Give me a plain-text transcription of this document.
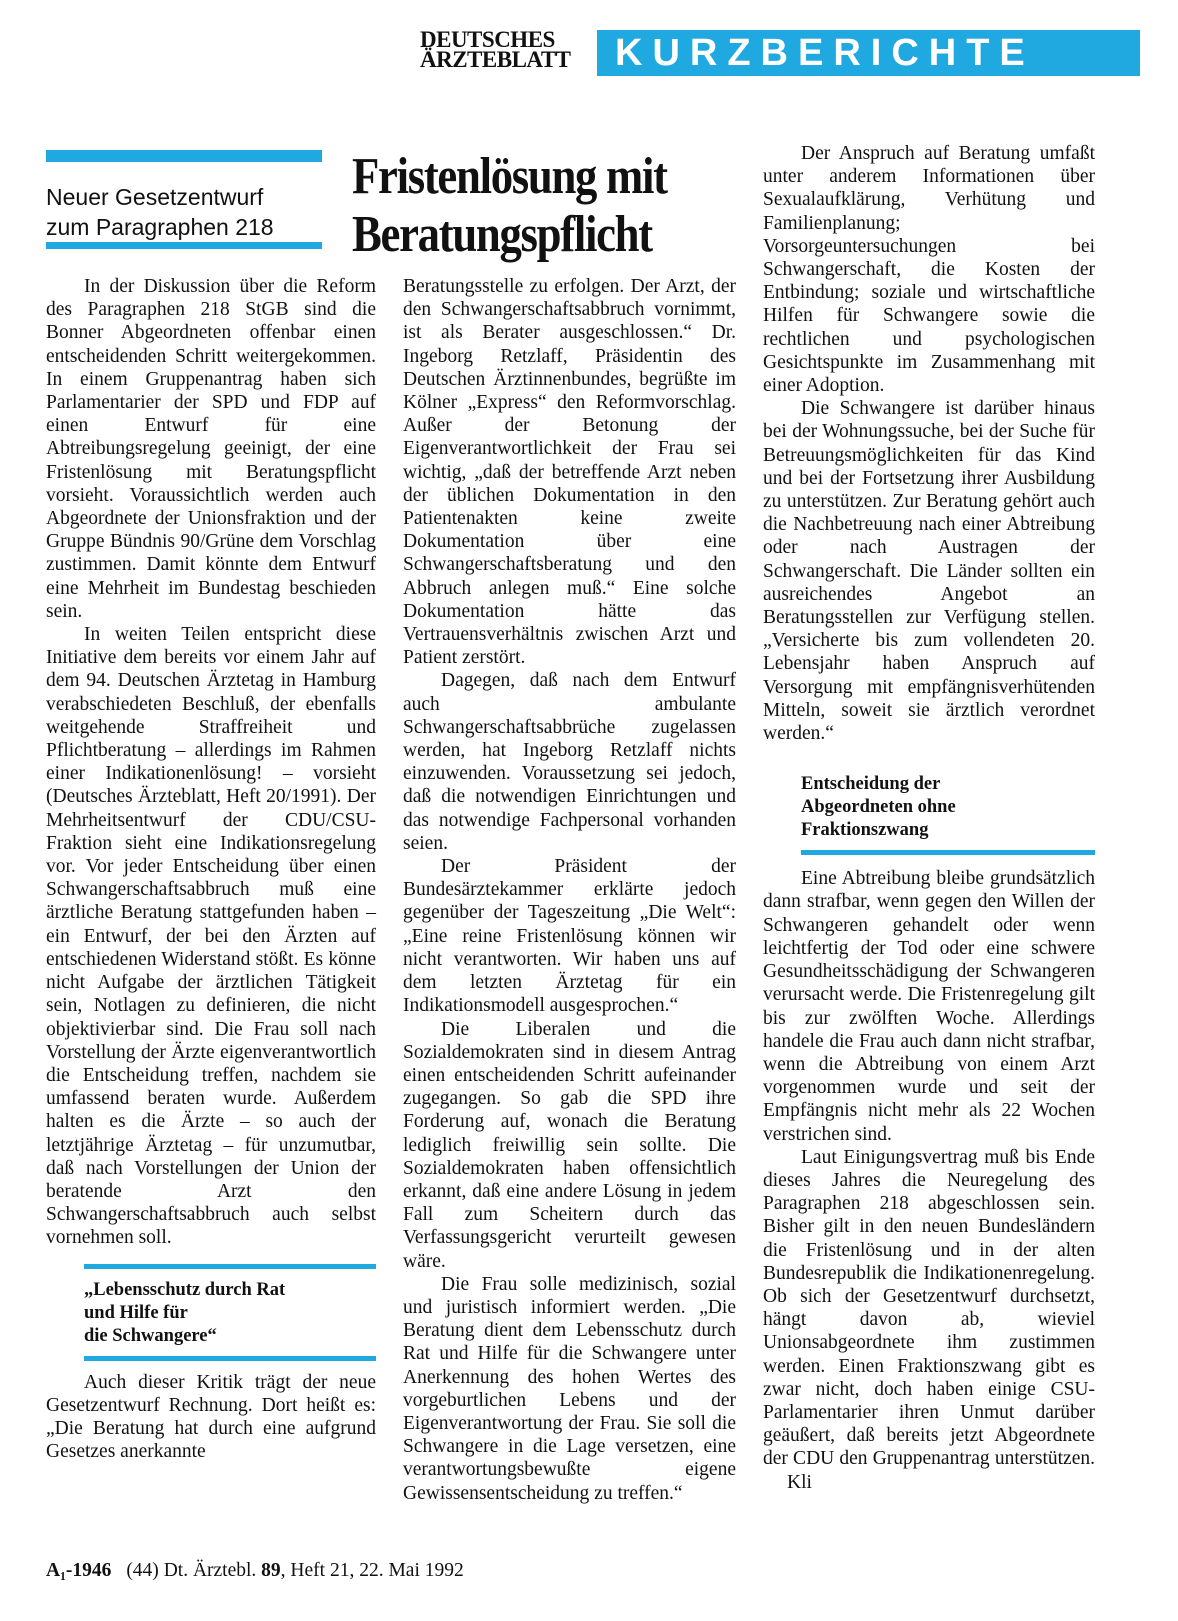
DEUTSCHES
ÄRZTEBLATT	KURZBERICHTE
Neuer Gesetzentwurf
zum Paragraphen 218
Fristenlösung mit
Beratungspflicht

In der Diskussion über die Reform des Paragraphen 218 StGB sind die Bonner Abgeordneten offenbar einen entscheidenden Schritt weitergekommen. In einem Gruppenantrag haben sich Parlamentarier der SPD und FDP auf einen Entwurf für eine Abtreibungsregelung geeinigt, der eine Fristenlösung mit Beratungspflicht vorsieht. Voraussichtlich werden auch Abgeordnete der Unionsfraktion und der Gruppe Bündnis 90/Grüne dem Vorschlag zustimmen. Damit könnte dem Entwurf eine Mehrheit im Bundestag beschieden sein.

In weiten Teilen entspricht diese Initiative dem bereits vor einem Jahr auf dem 94. Deutschen Ärztetag in Hamburg verabschiedeten Beschluß, der ebenfalls weitgehende Straffreiheit und Pflichtberatung – allerdings im Rahmen einer Indikationenlösung! – vorsieht (Deutsches Ärzteblatt, Heft 20/1991). Der Mehrheitsentwurf der CDU/CSU-Fraktion sieht eine Indikationsregelung vor. Vor jeder Entscheidung über einen Schwangerschaftsabbruch muß eine ärztliche Beratung stattgefunden haben – ein Entwurf, der bei den Ärzten auf entschiedenen Widerstand stößt. Es könne nicht Aufgabe der ärztlichen Tätigkeit sein, Notlagen zu definieren, die nicht objektivierbar sind. Die Frau soll nach Vorstellung der Ärzte eigenverantwortlich die Entscheidung treffen, nachdem sie umfassend beraten wurde. Außerdem halten es die Ärzte – so auch der letztjährige Ärztetag – für unzumutbar, daß nach Vorstellungen der Union der beratende Arzt den Schwangerschaftsabbruch auch selbst vornehmen soll.

„Lebensschutz durch Rat
und Hilfe für
die Schwangere“

Auch dieser Kritik trägt der neue Gesetzentwurf Rechnung. Dort heißt es: „Die Beratung hat durch eine aufgrund Gesetzes anerkannte

Beratungsstelle zu erfolgen. Der Arzt, der den Schwangerschaftsabbruch vornimmt, ist als Berater ausgeschlossen.“ Dr. Ingeborg Retzlaff, Präsidentin des Deutschen Ärztinnenbundes, begrüßte im Kölner „Express“ den Reformvorschlag. Außer der Betonung der Eigenverantwortlichkeit der Frau sei wichtig, „daß der betreffende Arzt neben der üblichen Dokumentation in den Patientenakten keine zweite Dokumentation über eine Schwangerschaftsberatung und den Abbruch anlegen muß.“ Eine solche Dokumentation hätte das Vertrauensverhältnis zwischen Arzt und Patient zerstört.

Dagegen, daß nach dem Entwurf auch ambulante Schwangerschaftsabbrüche zugelassen werden, hat Ingeborg Retzlaff nichts einzuwenden. Voraussetzung sei jedoch, daß die notwendigen Einrichtungen und das notwendige Fachpersonal vorhanden seien.

Der Präsident der Bundesärztekammer erklärte jedoch gegenüber der Tageszeitung „Die Welt“: „Eine reine Fristenlösung können wir nicht verantworten. Wir haben uns auf dem letzten Ärztetag für ein Indikationsmodell ausgesprochen.“

Die Liberalen und die Sozialdemokraten sind in diesem Antrag einen entscheidenden Schritt aufeinander zugegangen. So gab die SPD ihre Forderung auf, wonach die Beratung lediglich freiwillig sein sollte. Die Sozialdemokraten haben offensichtlich erkannt, daß eine andere Lösung in jedem Fall zum Scheitern durch das Verfassungsgericht verurteilt gewesen wäre.

Die Frau solle medizinisch, sozial und juristisch informiert werden. „Die Beratung dient dem Lebensschutz durch Rat und Hilfe für die Schwangere unter Anerkennung des hohen Wertes des vorgeburtlichen Lebens und der Eigenverantwortung der Frau. Sie soll die Schwangere in die Lage versetzen, eine verantwortungsbewußte eigene Gewissensentscheidung zu treffen.“

Der Anspruch auf Beratung umfaßt unter anderem Informationen über Sexualaufklärung, Verhütung und Familienplanung; Vorsorgeuntersuchungen bei Schwangerschaft, die Kosten der Entbindung; soziale und wirtschaftliche Hilfen für Schwangere sowie die rechtlichen und psychologischen Gesichtspunkte im Zusammenhang mit einer Adoption.

Die Schwangere ist darüber hinaus bei der Wohnungssuche, bei der Suche für Betreuungsmöglichkeiten für das Kind und bei der Fortsetzung ihrer Ausbildung zu unterstützen. Zur Beratung gehört auch die Nachbetreuung nach einer Abtreibung oder nach Austragen der Schwangerschaft. Die Länder sollten ein ausreichendes Angebot an Beratungsstellen zur Verfügung stellen. „Versicherte bis zum vollendeten 20. Lebensjahr haben Anspruch auf Versorgung mit empfängnisverhütenden Mitteln, soweit sie ärztlich verordnet werden.“

Entscheidung der
Abgeordneten ohne
Fraktionszwang

Eine Abtreibung bleibe grundsätzlich dann strafbar, wenn gegen den Willen der Schwangeren gehandelt oder wenn leichtfertig der Tod oder eine schwere Gesundheitsschädigung der Schwangeren verursacht werde. Die Fristenregelung gilt bis zur zwölften Woche. Allerdings handele die Frau auch dann nicht strafbar, wenn die Abtreibung von einem Arzt vorgenommen wurde und seit der Empfängnis nicht mehr als 22 Wochen verstrichen sind.

Laut Einigungsvertrag muß bis Ende dieses Jahres die Neuregelung des Paragraphen 218 abgeschlossen sein. Bisher gilt in den neuen Bundesländern die Fristenlösung und in der alten Bundesrepublik die Indikationenregelung. Ob sich der Gesetzentwurf durchsetzt, hängt davon ab, wieviel Unionsabgeordnete ihm zustimmen werden. Einen Fraktionszwang gibt es zwar nicht, doch haben einige CSU-Parlamentarier ihren Unmut darüber geäußert, daß bereits jetzt Abgeordnete der CDU den Gruppenantrag unterstützen. Kli

A₁-1946 (44) Dt. Ärztebl. 89, Heft 21, 22. Mai 1992
